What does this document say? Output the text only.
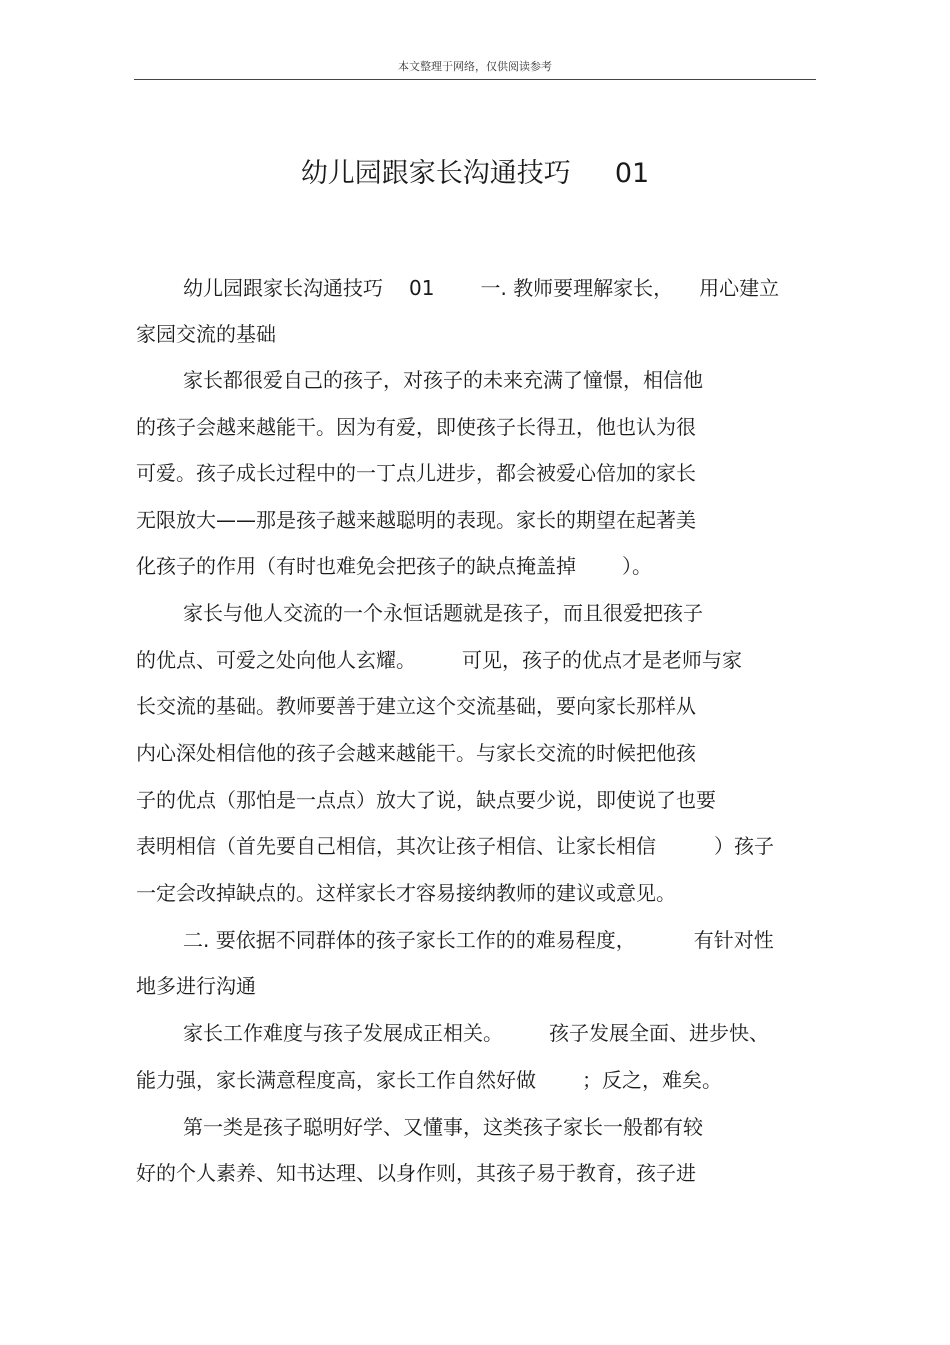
本文整理于网络，仅供阅读参考
幼儿园跟家长沟通技巧 01
幼儿园跟家长沟通技巧 01 一. 教师要理解家长， 用心建立
家园交流的基础
家长都很爱自己的孩子，对孩子的未来充满了憧憬，相信他
的孩子会越来越能干。因为有爱，即使孩子长得丑，他也认为很
可爱。孩子成长过程中的一丁点儿进步，都会被爱心倍加的家长
无限放大——那是孩子越来越聪明的表现。家长的期望在起著美
化孩子的作用（有时也难免会把孩子的缺点掩盖掉 ）。
家长与他人交流的一个永恒话题就是孩子，而且很爱把孩子
的优点、可爱之处向他人玄耀。 可见，孩子的优点才是老师与家
长交流的基础。教师要善于建立这个交流基础，要向家长那样从
内心深处相信他的孩子会越来越能干。与家长交流的时候把他孩
子的优点（那怕是一点点）放大了说，缺点要少说，即使说了也要
表明相信（首先要自己相信，其次让孩子相信、让家长相信	）孩子
一定会改掉缺点的。这样家长才容易接纳教师的建议或意见。
二. 要依据不同群体的孩子家长工作的的难易程度，	有针对性
地多进行沟通
家长工作难度与孩子发展成正相关。 孩子发展全面、进步快、
能力强，家长满意程度高，家长工作自然好做 ；反之，难矣。
第一类是孩子聪明好学、又懂事，这类孩子家长一般都有较
好的个人素养、知书达理、以身作则，其孩子易于教育，孩子进
